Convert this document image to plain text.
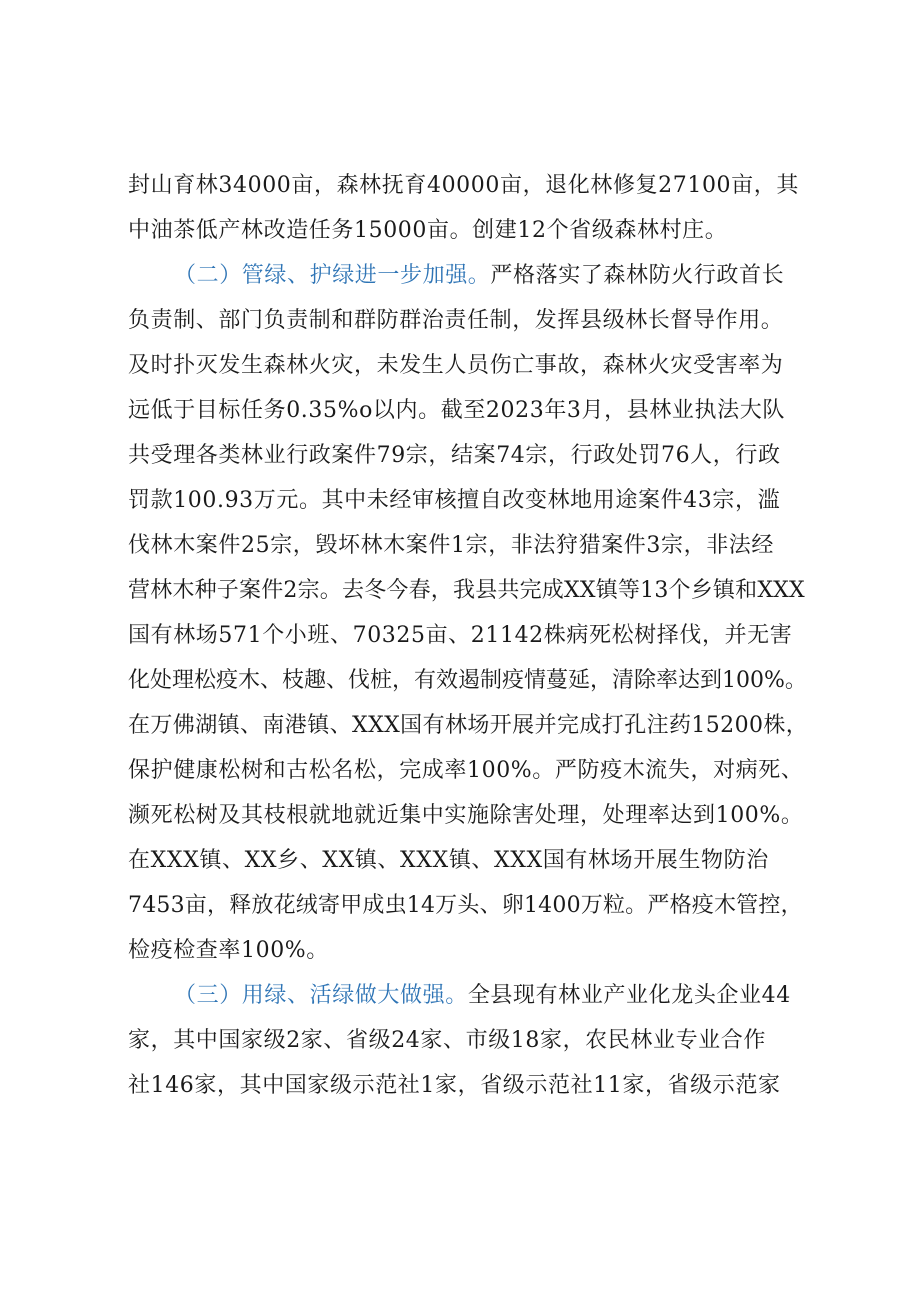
封山育林34000亩，森林抚育40000亩，退化林修复27100亩，其
中油茶低产林改造任务15000亩。创建12个省级森林村庄。
（二）管绿、护绿进一步加强。严格落实了森林防火行政首长
负责制、部门负责制和群防群治责任制，发挥县级林长督导作用。
及时扑灭发生森林火灾，未发生人员伤亡事故，森林火灾受害率为
远低于目标任务0.35%o以内。截至2023年3月，县林业执法大队
共受理各类林业行政案件79宗，结案74宗，行政处罚76人，行政
罚款100.93万元。其中未经审核擅自改变林地用途案件43宗，滥
伐林木案件25宗，毁坏林木案件1宗，非法狩猎案件3宗，非法经
营林木种子案件2宗。去冬今春，我县共完成XX镇等13个乡镇和XXX
国有林场571个小班、70325亩、21142株病死松树择伐，并无害
化处理松疫木、枝趣、伐桩，有效遏制疫情蔓延，清除率达到100%。
在万佛湖镇、南港镇、XXX国有林场开展并完成打孔注药15200株，
保护健康松树和古松名松，完成率100%。严防疫木流失，对病死、
濒死松树及其枝根就地就近集中实施除害处理，处理率达到100%。
在XXX镇、XX乡、XX镇、XXX镇、XXX国有林场开展生物防治
7453亩，释放花绒寄甲成虫14万头、卵1400万粒。严格疫木管控，
检疫检查率100%。
（三）用绿、活绿做大做强。全县现有林业产业化龙头企业44
家，其中国家级2家、省级24家、市级18家，农民林业专业合作
社146家，其中国家级示范社1家，省级示范社11家，省级示范家
